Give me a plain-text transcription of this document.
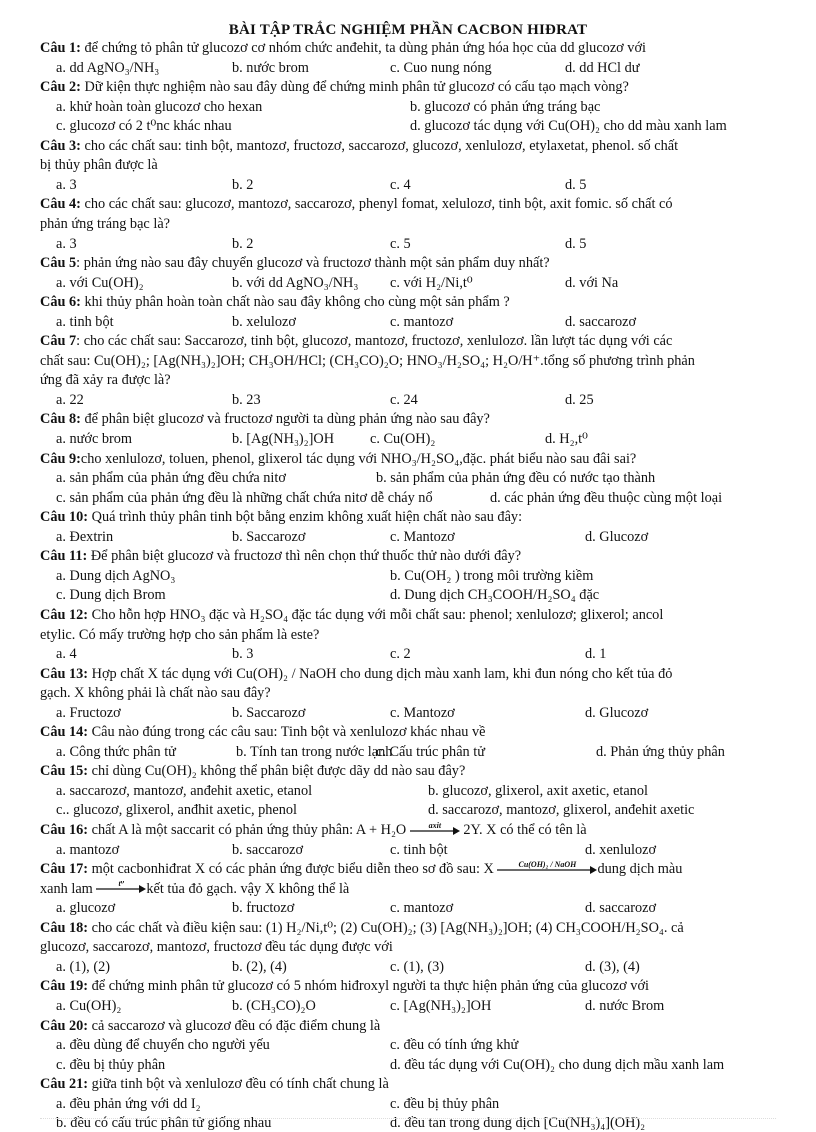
BÀI TẬP TRẮC NGHIỆM PHẦN CACBON HIĐRAT
Câu 1: để chứng tỏ phân tử glucozơ cơ nhóm chức anđehit, ta dùng phản ứng hóa học của dd glucozơ với
a. dd AgNO₃/NH₃	b. nước brom	c. Cuo nung nóng	d. dd HCl dư
Câu 2: Dữ kiện thực nghiệm nào sau đây dùng để chứng minh phân tử glucozơ có cấu tạo mạch vòng?
a. khử hoàn toàn glucozơ cho hexan	b. glucozơ có phản ứng tráng bạc
c. glucozơ có 2 t⁰nc khác nhau	d. glucozơ tác dụng với Cu(OH)₂ cho dd màu xanh lam
Câu 3: cho các chất sau: tinh bột, mantozơ, fructozơ, saccarozơ, glucozơ, xenlulozơ, etylaxetat, phenol. số chất
bị thủy phân được là
a. 3	b. 2	c. 4	d. 5
Câu 4: cho các chất sau: glucozơ, mantozơ, saccarozơ, phenyl fomat, xelulozơ, tinh bột, axit fomic. số chất có
phản ứng tráng bạc là?
a. 3	b. 2	c. 5	d. 5
Câu 5: phản ứng nào sau đây chuyển glucozơ và fructozơ thành một sản phẩm duy nhất?
a. với Cu(OH)₂	b. với dd AgNO₃/NH₃ c. với H₂/Ni,t⁰	d. với Na
Câu 6: khi thủy phân hoàn toàn chất nào sau đây không cho cùng một sản phẩm ?
a. tinh bột	b. xelulozơ	c. mantozơ	d. saccarozơ
Câu 7: cho các chất sau: Saccarozơ, tinh bột, glucozơ, mantozơ, fructozơ, xenlulozơ. lần lượt tác dụng với các
chất sau: Cu(OH)₂; [Ag(NH₃)₂]OH; CH₃OH/HCl; (CH₃CO)₂O; HNO₃/H₂SO₄; H₂O/H⁺.tổng số phương trình phản
ứng đã xảy ra được là?
a. 22	b. 23	c. 24	d. 25
Câu 8: để phân biệt glucozơ và fructozơ người ta dùng phản ứng nào sau đây?
a. nước brom	b. [Ag(NH₃)₂]OH	c. Cu(OH)₂	d. H₂,t⁰
Câu 9:cho xenlulozơ, toluen, phenol, glixerol tác dụng với NHO₃/H₂SO₄,đặc. phát biểu nào sau đâi sai?
a. sản phẩm của phản ứng đều chứa nitơ	b. sản phẩm của phản ứng đều có nước tạo thành
c. sản phẩm của phản ứng đều là những chất chứa nitơ dễ cháy nổ	d. các phản ứng đều thuộc cùng một loại
Câu 10: Quá trình thủy phân tinh bột bằng enzim không xuất hiện chất nào sau đây:
a. Đextrin	b. Saccarozơ	c. Mantozơ	d. Glucozơ
Câu 11: Để phân biệt glucozơ và fructozơ thì nên chọn thứ thuốc thử nào dưới đây?
a. Dung dịch AgNO₃	b. Cu(OH₂ ) trong môi trường kiềm
c. Dung dịch Brom	d. Dung dịch CH₃COOH/H₂SO₄ đặc
Câu 12: Cho hỗn hợp HNO₃ đặc và H₂SO₄ đặc tác dụng với mỗi chất sau: phenol; xenlulozơ; glixerol; ancol
etylic. Có mấy trường hợp cho sản phẩm là este?
a. 4	b. 3	c. 2	d. 1
Câu 13: Hợp chất X tác dụng với Cu(OH)₂ / NaOH cho dung dịch màu xanh lam, khi đun nóng cho kết tủa đỏ
gạch. X không phải là chất nào sau đây?
a. Fructozơ	b. Saccarozơ	c. Mantozơ	d. Glucozơ
Câu 14: Câu nào đúng trong các câu sau: Tinh bột và xenlulozơ khác nhau về
a. Công thức phân tử	b. Tính tan trong nước lạnh
c. Cấu trúc phân tử	d. Phản ứng thủy phân
Câu 15: chỉ dùng Cu(OH)₂ không thể phân biệt được dãy dd nào sau đây?
a. saccarozơ, mantozơ, anđehit axetic, etanol	b. glucozơ, glixerol, axit axetic, etanol
c.. glucozơ, glixerol, anđhit axetic, phenol	d. saccarozơ, mantozơ, glixerol, anđehit axetic
Câu 16: chất A là một saccarit có phản ứng thủy phân: A + H₂O	axit	2Y. X có thể có tên là
a. mantozơ	b. saccarozơ	c. tinh bột	d. xenlulozơ
Câu 17: một cacbonhiđrat X có các phản ứng được biểu diễn theo sơ đồ sau: X	Cu(OH)₂ / NaOH	dung dịch màu
xanh lam	t⁰	kết tủa đỏ gạch. vậy X không thể là
a. glucozơ	b. fructozơ	c. mantozơ	d. saccarozơ
Câu 18: cho các chất và điều kiện sau: (1) H₂/Ni,t⁰; (2) Cu(OH)₂; (3) [Ag(NH₃)₂]OH; (4) CH₃COOH/H₂SO₄. cả
glucozơ, saccarozơ, mantozơ, fructozơ đều tác dụng được với
a. (1), (2)	b. (2), (4)	c. (1), (3)	d. (3), (4)
Câu 19: để chứng minh phân tử glucozơ có 5 nhóm hiđroxyl người ta thực hiện phản ứng của glucozơ với
a. Cu(OH)₂	b. (CH₃CO)₂O	c. [Ag(NH₃)₂]OH	d. nước Brom
Câu 20: cả saccarozơ và glucozơ đều có đặc điểm chung là
a. đều dùng để chuyển cho người yếu	c. đều có tính ứng khử
c. đều bị thủy phân	d. đều tác dụng với Cu(OH)₂ cho dung dịch mầu xanh lam
Câu 21: giữa tinh bột và xenlulozơ đều có tính chất chung là
a. đều phản ứng với dd I₂	c. đều bị thủy phân
b. đều có cấu trúc phân tử giống nhau	d. đều tan trong dung dịch [Cu(NH₃)₄](OH)₂
